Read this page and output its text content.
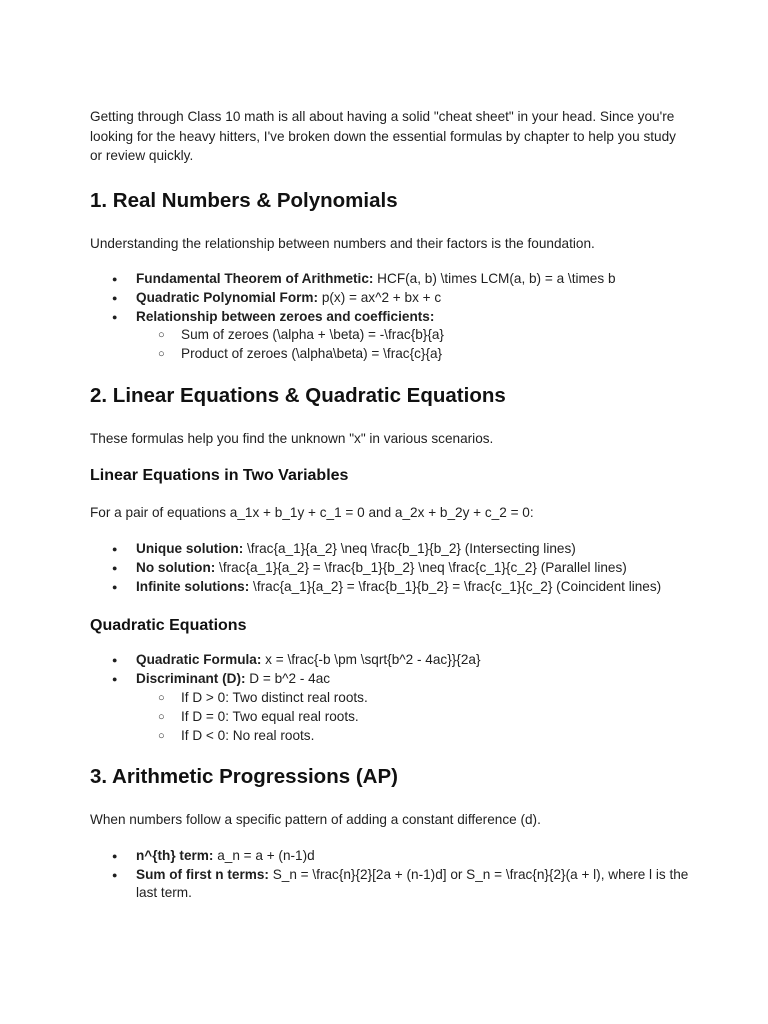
Getting through Class 10 math is all about having a solid "cheat sheet" in your head. Since you're looking for the heavy hitters, I've broken down the essential formulas by chapter to help you study or review quickly.

1. Real Numbers & Polynomials

Understanding the relationship between numbers and their factors is the foundation.

● Fundamental Theorem of Arithmetic: HCF(a, b) \times LCM(a, b) = a \times b
● Quadratic Polynomial Form: p(x) = ax^2 + bx + c
● Relationship between zeroes and coefficients:
○ Sum of zeroes (\alpha + \beta) = -\frac{b}{a}
○ Product of zeroes (\alpha\beta) = \frac{c}{a}
2. Linear Equations & Quadratic Equations

These formulas help you find the unknown "x" in various scenarios.

Linear Equations in Two Variables

For a pair of equations a_1x + b_1y + c_1 = 0 and a_2x + b_2y + c_2 = 0:

● Unique solution: \frac{a_1}{a_2} \neq \frac{b_1}{b_2} (Intersecting lines)
● No solution: \frac{a_1}{a_2} = \frac{b_1}{b_2} \neq \frac{c_1}{c_2} (Parallel lines)
● Infinite solutions: \frac{a_1}{a_2} = \frac{b_1}{b_2} = \frac{c_1}{c_2} (Coincident lines)
Quadratic Equations
● Quadratic Formula: x = \frac{-b \pm \sqrt{b^2 - 4ac}}{2a}
● Discriminant (D): D = b^2 - 4ac
○ If D > 0: Two distinct real roots.
○ If D = 0: Two equal real roots.
○ If D < 0: No real roots.
3. Arithmetic Progressions (AP)

When numbers follow a specific pattern of adding a constant difference (d).

● n^{th} term: a_n = a + (n-1)d
● Sum of first n terms: S_n = \frac{n}{2}[2a + (n-1)d] or S_n = \frac{n}{2}(a + l), where l is the last term.
